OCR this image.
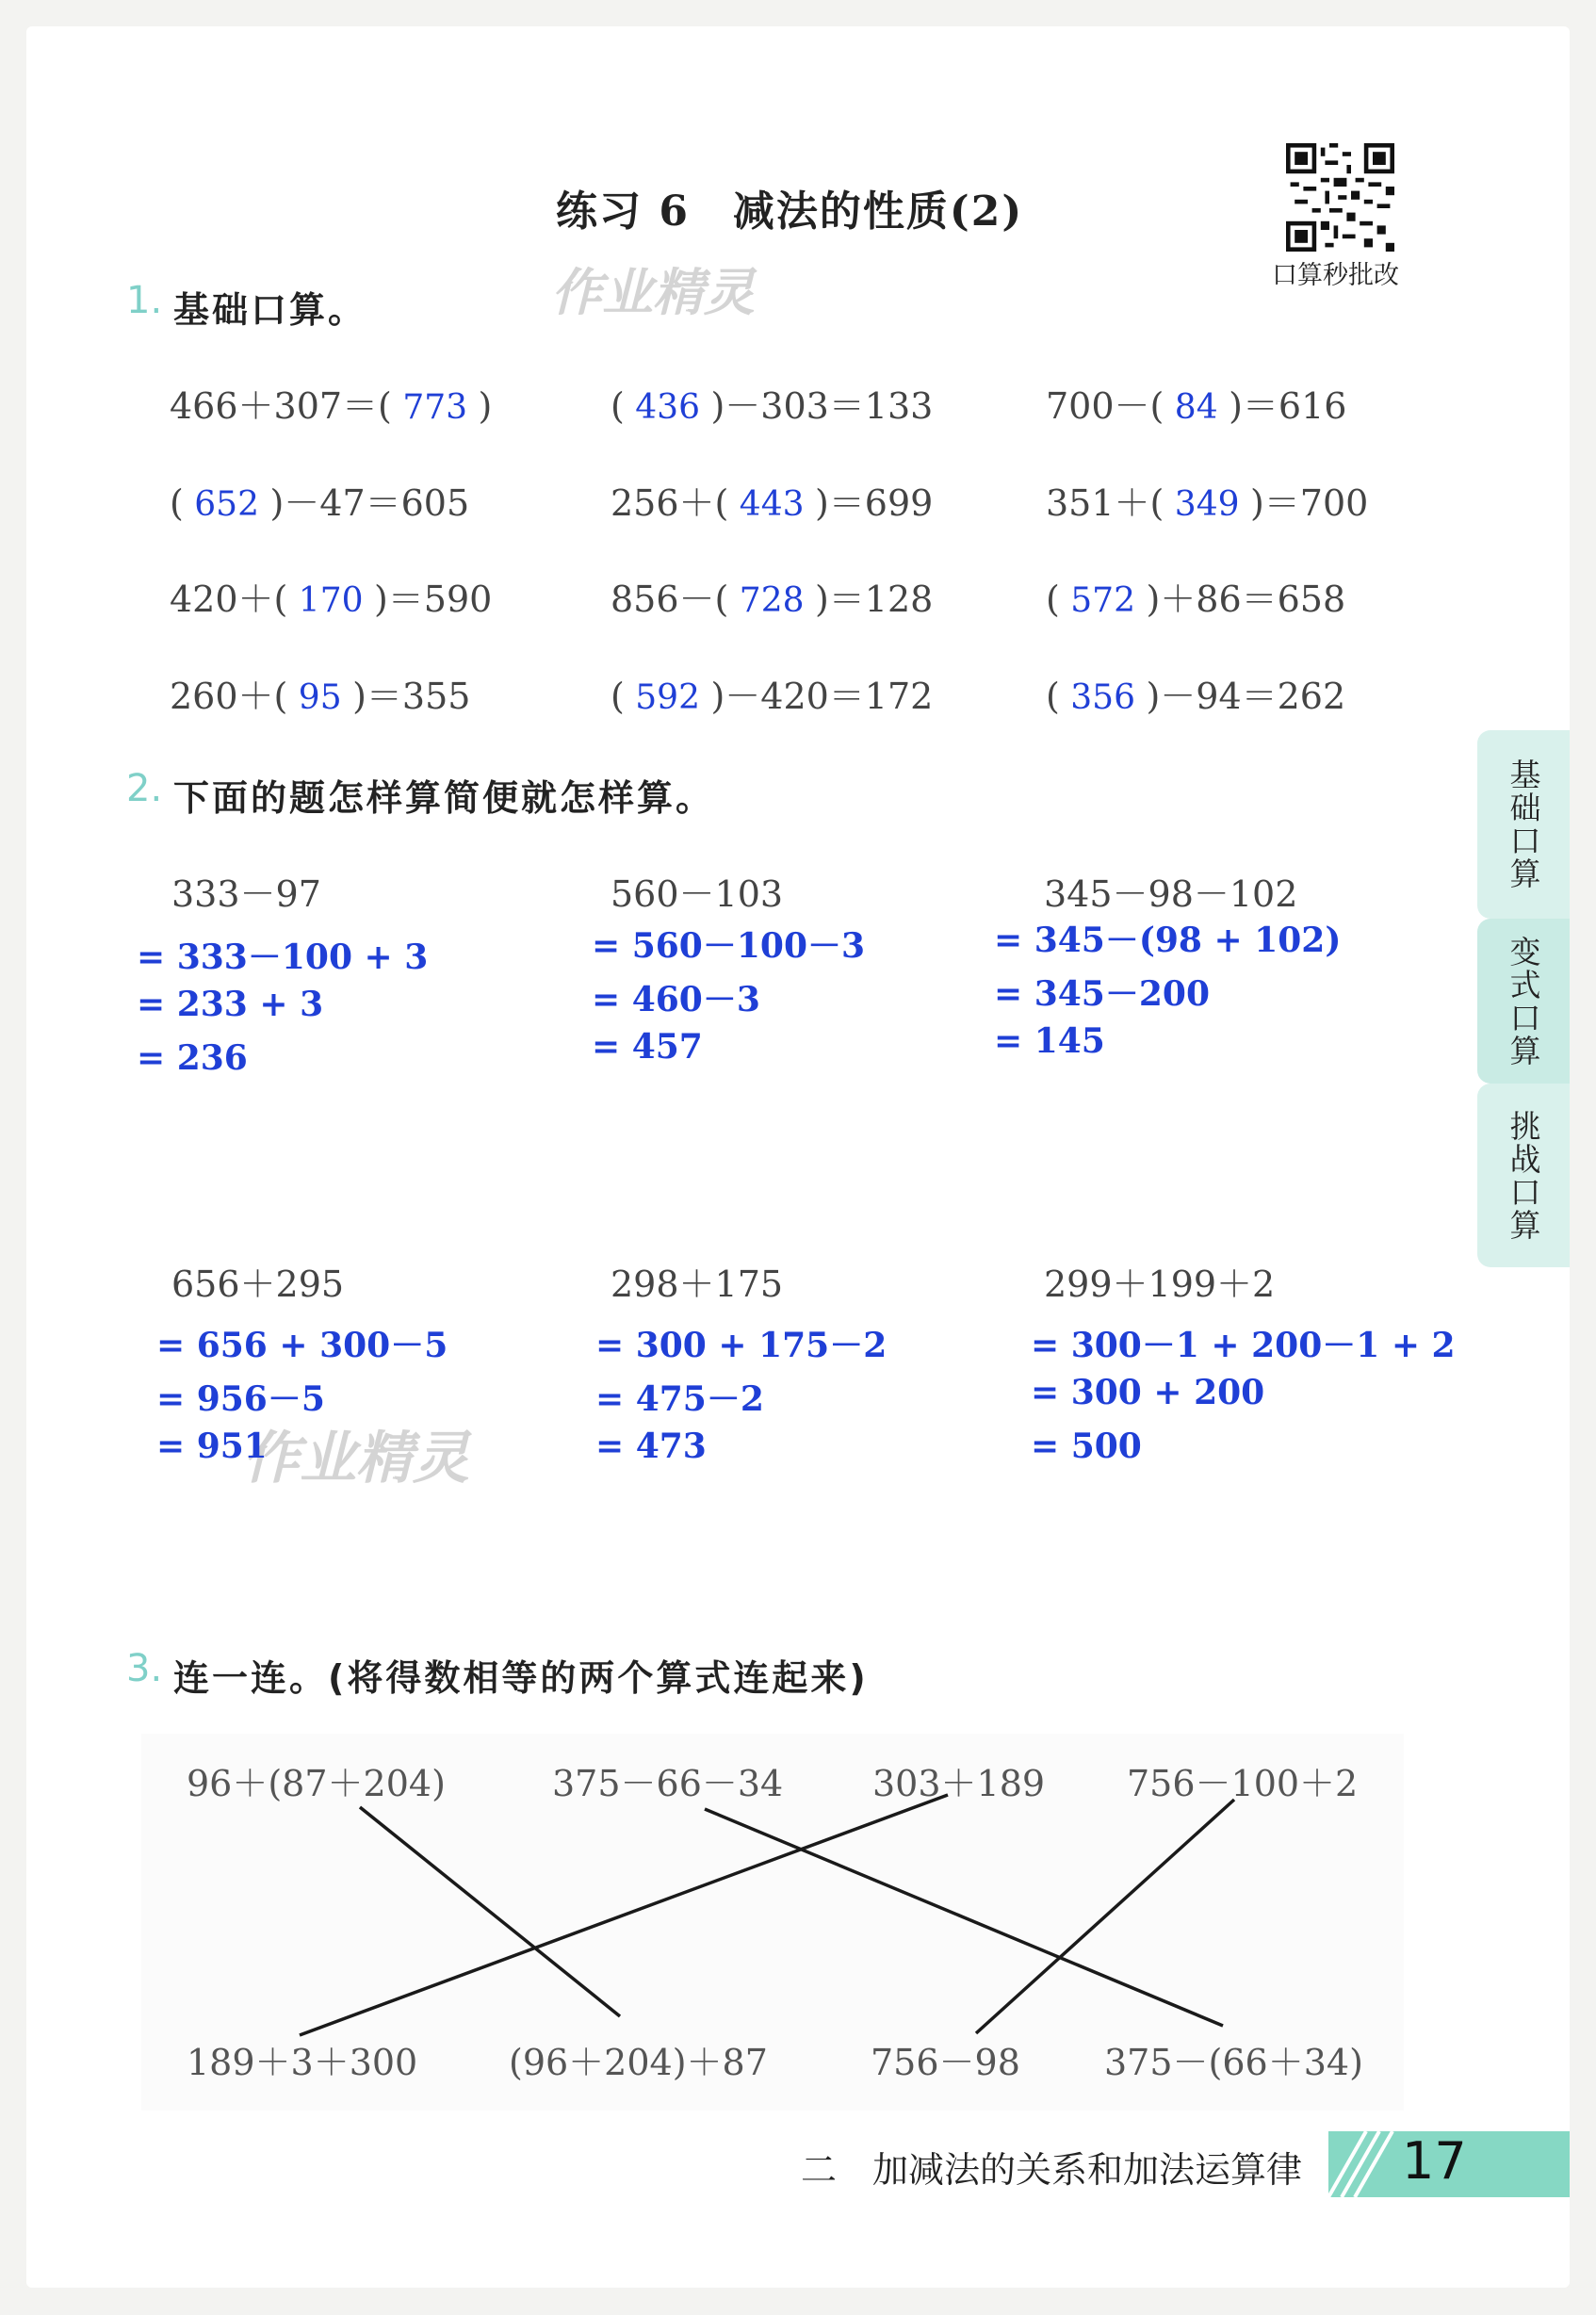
练习 6　减法的性质(2)
口算秒批改
作业精灵
作业精灵
1. 基础口算。
466＋307＝( 773 )	( 436 )－303＝133	700－( 84 )＝616
( 652 )－47＝605	256＋( 443 )＝699	351＋( 349 )＝700
420＋( 170 )＝590	856－( 728 )＝128	( 572 )＋86＝658
260＋( 95 )＝355	( 592 )－420＝172	( 356 )－94＝262
2. 下面的题怎样算简便就怎样算。
333－97
= 333－100 + 3
= 233 + 3
= 236
560－103
= 560－100－3
= 460－3
= 457
345－98－102
= 345－(98 + 102)
= 345－200
= 145
656＋295
= 656 + 300－5
= 956－5
= 951
298＋175
= 300 + 175－2
= 475－2
= 473
299＋199＋2
= 300－1 + 200－1 + 2
= 300 + 200
= 500
3. 连一连。(将得数相等的两个算式连起来)
96＋(87＋204)	375－66－34 303＋189 756－100＋2
189＋3＋300	(96＋204)＋87	756－98 375－(66＋34)
基础口算
变式口算
挑战口算
二　加减法的关系和加法运算律 17
